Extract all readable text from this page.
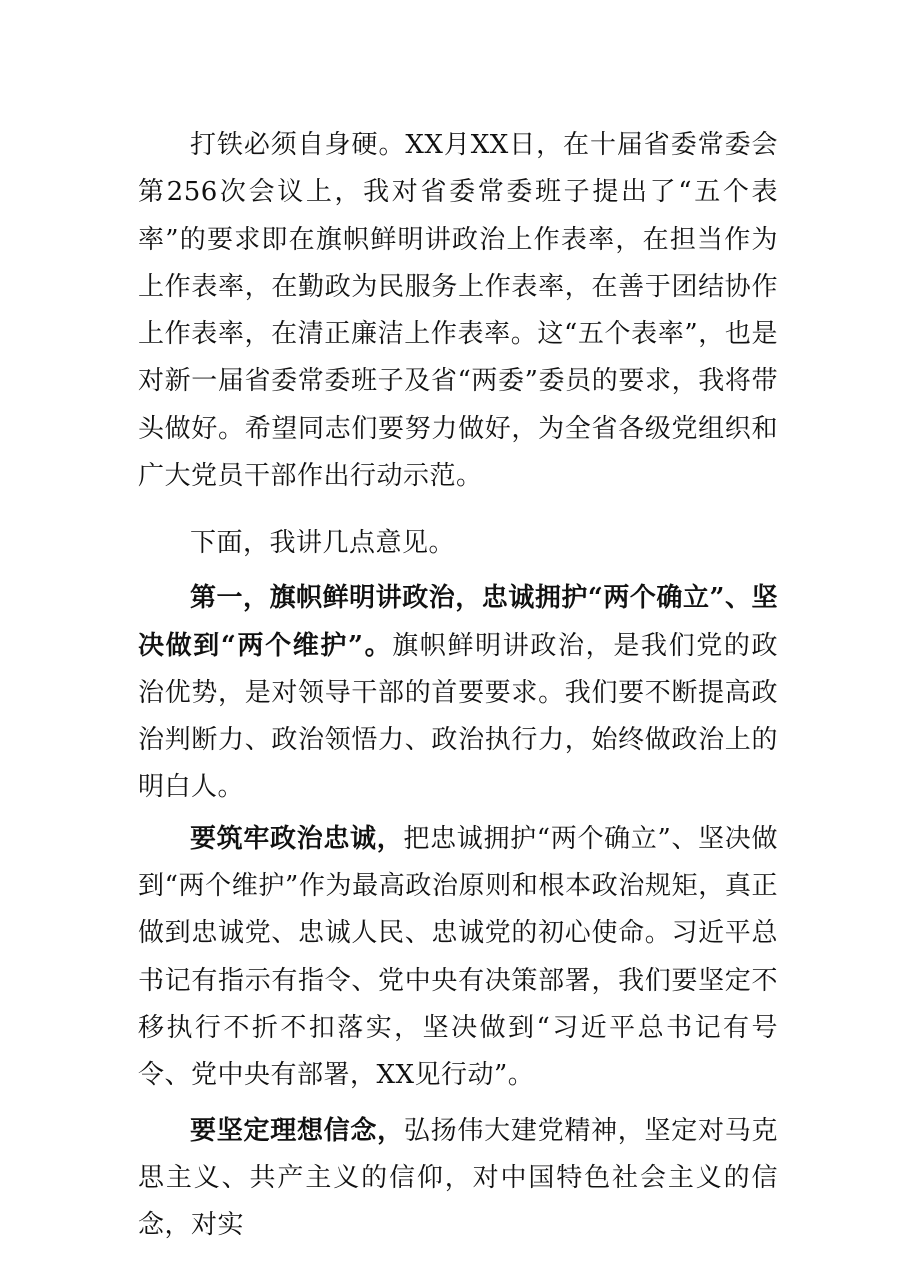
打铁必须自身硬。XX月XX日，在十届省委常委会第256次会议上，我对省委常委班子提出了“五个表率”的要求即在旗帜鲜明讲政治上作表率，在担当作为上作表率，在勤政为民服务上作表率，在善于团结协作上作表率，在清正廉洁上作表率。这“五个表率”，也是对新一届省委常委班子及省“两委”委员的要求，我将带头做好。希望同志们要努力做好，为全省各级党组织和广大党员干部作出行动示范。

下面，我讲几点意见。

第一，旗帜鲜明讲政治，忠诚拥护“两个确立”、坚决做到“两个维护”。旗帜鲜明讲政治，是我们党的政治优势，是对领导干部的首要要求。我们要不断提高政治判断力、政治领悟力、政治执行力，始终做政治上的明白人。

要筑牢政治忠诚，把忠诚拥护“两个确立”、坚决做到“两个维护”作为最高政治原则和根本政治规矩，真正做到忠诚党、忠诚人民、忠诚党的初心使命。习近平总书记有指示有指令、党中央有决策部署，我们要坚定不移执行不折不扣落实，坚决做到“习近平总书记有号令、党中央有部署，XX见行动”。

要坚定理想信念，弘扬伟大建党精神，坚定对马克思主义、共产主义的信仰，对中国特色社会主义的信念，对实
